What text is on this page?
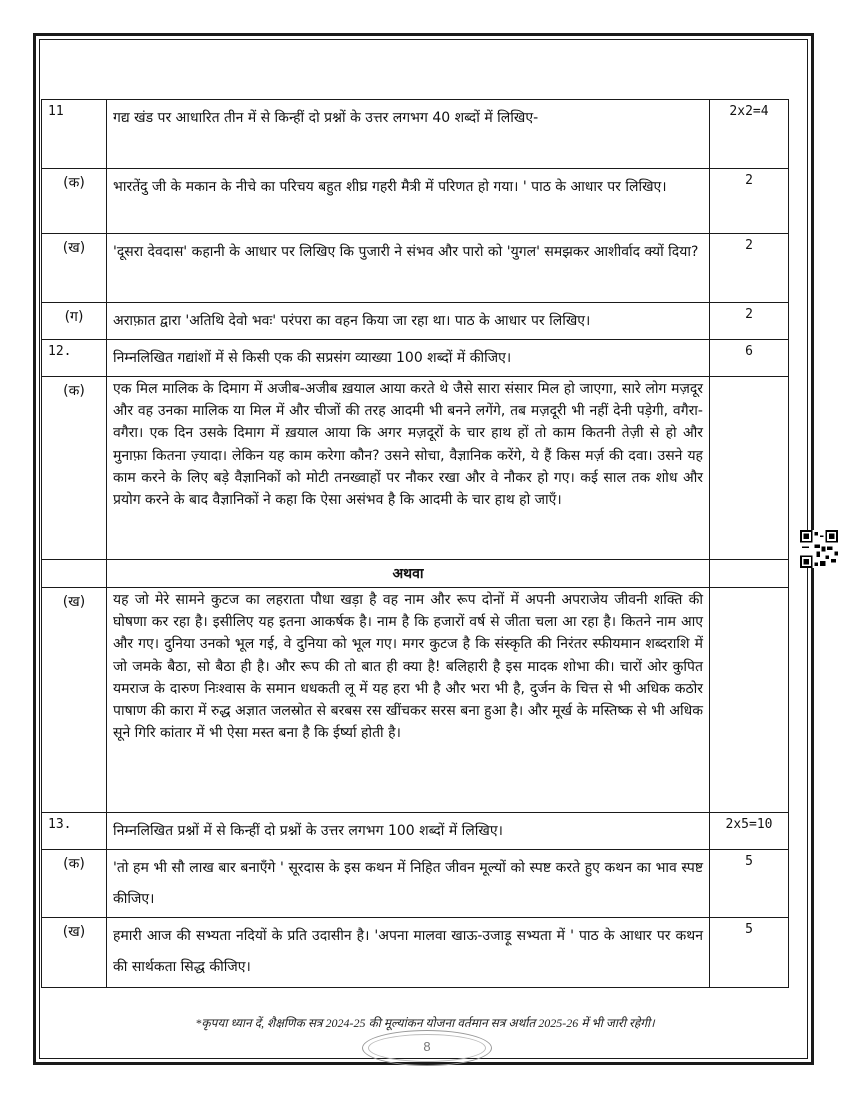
11	गद्य खंड पर आधारित तीन में से किन्हीं दो प्रश्नों के उत्तर लगभग 40 शब्दों में लिखिए-	2x2=4
(क)	भारतेंदु जी के मकान के नीचे का परिचय बहुत शीघ्र गहरी मैत्री में परिणत हो गया। ' पाठ के आधार पर लिखिए।	2
(ख)	'दूसरा देवदास' कहानी के आधार पर लिखिए कि पुजारी ने संभव और पारो को 'युगल' समझकर आशीर्वाद क्यों दिया?	2
(ग)	अराफ़ात द्वारा 'अतिथि देवो भवः' परंपरा का वहन किया जा रहा था। पाठ के आधार पर लिखिए।	2
12.	निम्नलिखित गद्यांशों में से किसी एक की सप्रसंग व्याख्या 100 शब्दों में कीजिए।	6
(क)	एक मिल मालिक के दिमाग में अजीब-अजीब ख़याल आया करते थे जैसे सारा संसार मिल हो जाएगा, सारे लोग मज़दूर और वह उनका मालिक या मिल में और चीजों की तरह आदमी भी बनने लगेंगे, तब मज़दूरी भी नहीं देनी पड़ेगी, वगैरा-वगैरा। एक दिन उसके दिमाग में ख़याल आया कि अगर मज़दूरों के चार हाथ हों तो काम कितनी तेज़ी से हो और मुनाफ़ा कितना ज़्यादा। लेकिन यह काम करेगा कौन? उसने सोचा, वैज्ञानिक करेंगे, ये हैं किस मर्ज़ की दवा। उसने यह काम करने के लिए बड़े वैज्ञानिकों को मोटी तनख्वाहों पर नौकर रखा और वे नौकर हो गए। कई साल तक शोध और प्रयोग करने के बाद वैज्ञानिकों ने कहा कि ऐसा असंभव है कि आदमी के चार हाथ हो जाएँ।	
	अथवा	
(ख)	यह जो मेरे सामने कुटज का लहराता पौधा खड़ा है वह नाम और रूप दोनों में अपनी अपराजेय जीवनी शक्ति की घोषणा कर रहा है। इसीलिए यह इतना आकर्षक है। नाम है कि हजारों वर्ष से जीता चला आ रहा है। कितने नाम आए और गए। दुनिया उनको भूल गई, वे दुनिया को भूल गए। मगर कुटज है कि संस्कृति की निरंतर स्फीयमान शब्दराशि में जो जमके बैठा, सो बैठा ही है। और रूप की तो बात ही क्या है! बलिहारी है इस मादक शोभा की। चारों ओर कुपित यमराज के दारुण निःश्वास के समान धधकती लू में यह हरा भी है और भरा भी है, दुर्जन के चित्त से भी अधिक कठोर पाषाण की कारा में रुद्ध अज्ञात जलस्रोत से बरबस रस खींचकर सरस बना हुआ है। और मूर्ख के मस्तिष्क से भी अधिक सूने गिरि कांतार में भी ऐसा मस्त बना है कि ईर्ष्या होती है।	
13.	निम्नलिखित प्रश्नों में से किन्हीं दो प्रश्नों के उत्तर लगभग 100 शब्दों में लिखिए।	2x5=10
(क)	'तो हम भी सौ लाख बार बनाएँगे ' सूरदास के इस कथन में निहित जीवन मूल्यों को स्पष्ट करते हुए कथन का भाव स्पष्ट कीजिए।	5
(ख)	हमारी आज की सभ्यता नदियों के प्रति उदासीन है। 'अपना मालवा खाऊ-उजाड़ू सभ्यता में ' पाठ के आधार पर कथन की सार्थकता सिद्ध कीजिए।	5
*कृपया ध्यान दें, शैक्षणिक सत्र 2024-25 की मूल्यांकन योजना वर्तमान सत्र अर्थात 2025-26 में भी जारी रहेगी।
8
